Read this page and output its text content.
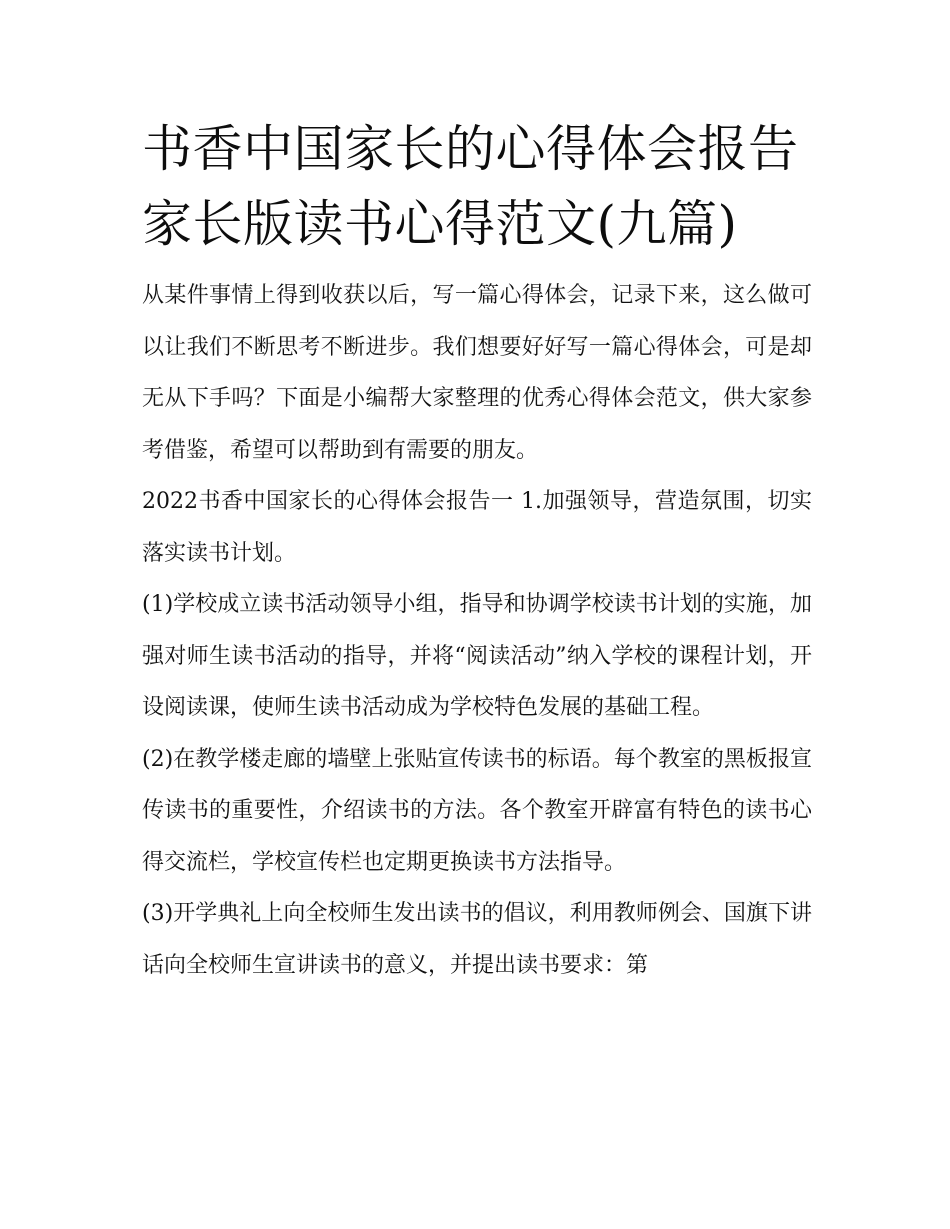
书香中国家长的心得体会报告家长版读书心得范文(九篇)

从某件事情上得到收获以后，写一篇心得体会，记录下来，这么做可以让我们不断思考不断进步。我们想要好好写一篇心得体会，可是却无从下手吗？下面是小编帮大家整理的优秀心得体会范文，供大家参考借鉴，希望可以帮助到有需要的朋友。

2022书香中国家长的心得体会报告一 1.加强领导，营造氛围，切实落实读书计划。

(1)学校成立读书活动领导小组，指导和协调学校读书计划的实施，加强对师生读书活动的指导，并将“阅读活动”纳入学校的课程计划，开设阅读课，使师生读书活动成为学校特色发展的基础工程。

(2)在教学楼走廊的墙壁上张贴宣传读书的标语。每个教室的黑板报宣传读书的重要性，介绍读书的方法。各个教室开辟富有特色的读书心得交流栏，学校宣传栏也定期更换读书方法指导。

(3)开学典礼上向全校师生发出读书的倡议，利用教师例会、国旗下讲话向全校师生宣讲读书的意义，并提出读书要求：第
